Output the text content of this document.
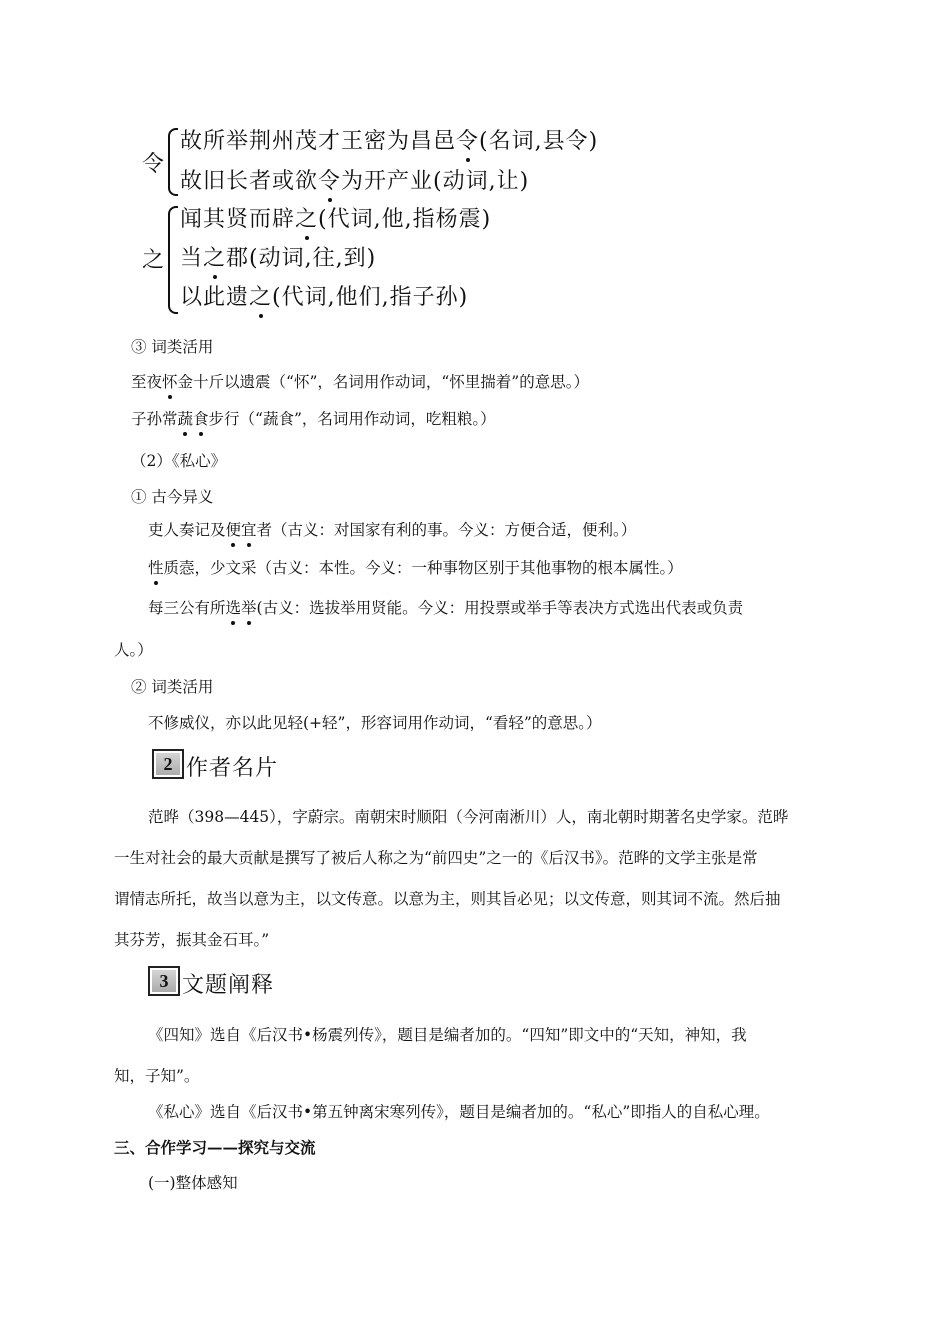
令
故所举荆州茂才王密为昌邑令(名词,县令)
故旧长者或欲令为开产业(动词,让)
之
闻其贤而辟之(代词,他,指杨震)
当之郡(动词,往,到)
以此遗之(代词,他们,指子孙)
③ 词类活用
至夜怀金十斤以遗震（“怀”，名词用作动词，“怀里揣着”的意思。）
子孙常蔬食步行（“蔬食”，名词用作动词，吃粗粮。）
（2）《私心》
① 古今异义
吏人奏记及便宜者（古义：对国家有利的事。今义：方便合适，便利。）
性质悫，少文采（古义：本性。今义：一种事物区别于其他事物的根本属性。）
每三公有所选举(古义：选拔举用贤能。今义：用投票或举手等表决方式选出代表或负责
人。）
② 词类活用
不修威仪，亦以此见轻(+轻”，形容词用作动词，“看轻”的意思。）
2 作者名片
范晔（398—445），字蔚宗。南朝宋时顺阳（今河南淅川）人，南北朝时期著名史学家。范晔
一生对社会的最大贡献是撰写了被后人称之为“前四史”之一的《后汉书》。范晔的文学主张是常
谓情志所托，故当以意为主，以文传意。以意为主，则其旨必见；以文传意，则其词不流。然后抽
其芬芳，振其金石耳。”
3 文题阐释
《四知》选自《后汉书•杨震列传》，题目是编者加的。“四知”即文中的“天知，神知，我
知，子知”。
《私心》选自《后汉书•第五钟离宋寒列传》，题目是编者加的。“私心”即指人的自私心理。
三、合作学习——探究与交流
(一)整体感知
